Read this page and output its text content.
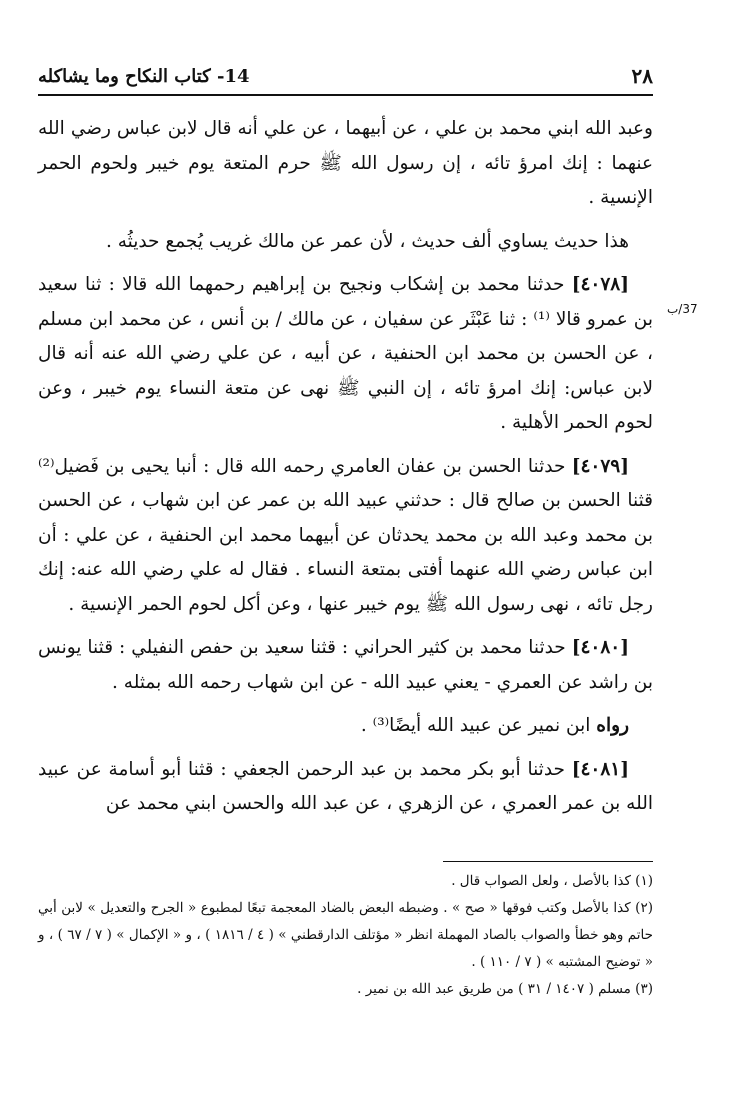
٢٨
14- كتاب النكاح وما يشاكله
37/ب

وعبد الله ابني محمد بن علي ، عن أبيهما ، عن علي أنه قال لابن عباس رضي الله عنهما : إنك امرؤ تائه ، إن رسول الله ﷺ حرم المتعة يوم خيبر ولحوم الحمر الإنسية .

هذا حديث يساوي ألف حديث ، لأن عمر عن مالك غريب يُجمع حديثُه .

[٤٠٧٨] حدثنا محمد بن إشكاب ونجيح بن إبراهيم رحمهما الله قالا : ثنا سعيد بن عمرو قالا ⁽¹⁾ : ثنا عَبْثَر عن سفيان ، عن مالك / بن أنس ، عن محمد ابن مسلم ، عن الحسن بن محمد ابن الحنفية ، عن أبيه ، عن علي رضي الله عنه أنه قال لابن عباس: إنك امرؤ تائه ، إن النبي ﷺ نهى عن متعة النساء يوم خيبر ، وعن لحوم الحمر الأهلية .

[٤٠٧٩] حدثنا الحسن بن عفان العامري رحمه الله قال : أنبا يحيى بن فَضيل⁽²⁾ قثنا الحسن بن صالح قال : حدثني عبيد الله بن عمر عن ابن شهاب ، عن الحسن بن محمد وعبد الله بن محمد يحدثان عن أبيهما محمد ابن الحنفية ، عن علي : أن ابن عباس رضي الله عنهما أفتى بمتعة النساء . فقال له علي رضي الله عنه: إنك رجل تائه ، نهى رسول الله ﷺ يوم خيبر عنها ، وعن أكل لحوم الحمر الإنسية .

[٤٠٨٠] حدثنا محمد بن كثير الحراني : قثنا سعيد بن حفص النفيلي : قثنا يونس بن راشد عن العمري - يعني عبيد الله - عن ابن شهاب رحمه الله بمثله .

رواه ابن نمير عن عبيد الله أيضًا⁽³⁾ .

[٤٠٨١] حدثنا أبو بكر محمد بن عبد الرحمن الجعفي : قثنا أبو أسامة عن عبيد الله بن عمر العمري ، عن الزهري ، عن عبد الله والحسن ابني محمد عن

(١) كذا بالأصل ، ولعل الصواب قال .

(٢) كذا بالأصل وكتب فوقها « صح » . وضبطه البعض بالضاد المعجمة تبعًا لمطبوع « الجرح والتعديل » لابن أبي حاتم وهو خطأ والصواب بالصاد المهملة انظر « مؤتلف الدارقطني » ( ٤ / ١٨١٦ ) ، و « الإكمال » ( ٧ / ٦٧ ) ، و « توضيح المشتبه » ( ٧ / ١١٠ ) .

(٣) مسلم ( ١٤٠٧ / ٣١ ) من طريق عبد الله بن نمير .
